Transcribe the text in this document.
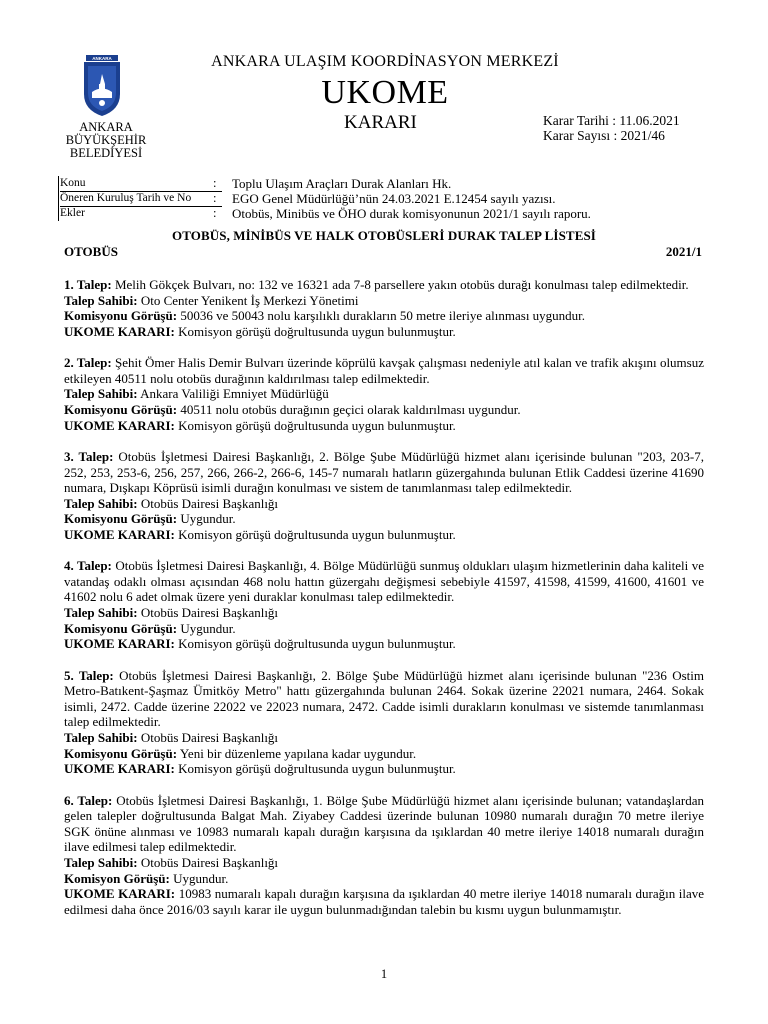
ANKARA
ANKARA
BÜYÜKŞEHİR
BELEDİYESİ
ANKARA ULAŞIM KOORDİNASYON MERKEZİ
UKOME
KARARI	Karar Tarihi : 11.06.2021
Karar Sayısı : 2021/46
Konu	: Toplu Ulaşım Araçları Durak Alanları Hk.
Öneren Kuruluş Tarih ve No : EGO Genel Müdürlüğü’nün 24.03.2021 E.12454 sayılı yazısı.
Ekler	: Otobüs, Minibüs ve ÖHO durak komisyonunun 2021/1 sayılı raporu.
OTOBÜS, MİNİBÜS VE HALK OTOBÜSLERİ DURAK TALEP LİSTESİ
OTOBÜS	2021/1

1. Talep: Melih Gökçek Bulvarı, no: 132 ve 16321 ada 7-8 parsellere yakın otobüs durağı konulması talep edilmektedir.

Talep Sahibi: Oto Center Yenikent İş Merkezi Yönetimi

Komisyonu Görüşü: 50036 ve 50043 nolu karşılıklı durakların 50 metre ileriye alınması uygundur.

UKOME KARARI: Komisyon görüşü doğrultusunda uygun bulunmuştur.

2. Talep: Şehit Ömer Halis Demir Bulvarı üzerinde köprülü kavşak çalışması nedeniyle atıl kalan ve trafik akışını olumsuz etkileyen 40511 nolu otobüs durağının kaldırılması talep edilmektedir.

Talep Sahibi: Ankara Valiliği Emniyet Müdürlüğü

Komisyonu Görüşü: 40511 nolu otobüs durağının geçici olarak kaldırılması uygundur.

UKOME KARARI: Komisyon görüşü doğrultusunda uygun bulunmuştur.

3. Talep: Otobüs İşletmesi Dairesi Başkanlığı, 2. Bölge Şube Müdürlüğü hizmet alanı içerisinde bulunan "203, 203-7, 252, 253, 253-6, 256, 257, 266, 266-2, 266-6, 145-7 numaralı hatların güzergahında bulunan Etlik Caddesi üzerine 41690 numara, Dışkapı Köprüsü isimli durağın konulması ve sistem de tanımlanması talep edilmektedir.

Talep Sahibi: Otobüs Dairesi Başkanlığı

Komisyonu Görüşü: Uygundur.

UKOME KARARI: Komisyon görüşü doğrultusunda uygun bulunmuştur.

4. Talep: Otobüs İşletmesi Dairesi Başkanlığı, 4. Bölge Müdürlüğü sunmuş oldukları ulaşım hizmetlerinin daha kaliteli ve vatandaş odaklı olması açısından 468 nolu hattın güzergahı değişmesi sebebiyle 41597, 41598, 41599, 41600, 41601 ve 41602 nolu 6 adet olmak üzere yeni duraklar konulması talep edilmektedir.

Talep Sahibi: Otobüs Dairesi Başkanlığı

Komisyonu Görüşü: Uygundur.

UKOME KARARI: Komisyon görüşü doğrultusunda uygun bulunmuştur.

5. Talep: Otobüs İşletmesi Dairesi Başkanlığı, 2. Bölge Şube Müdürlüğü hizmet alanı içerisinde bulunan "236 Ostim Metro-Batıkent-Şaşmaz Ümitköy Metro" hattı güzergahında bulunan 2464. Sokak üzerine 22021 numara, 2464. Sokak isimli, 2472. Cadde üzerine 22022 ve 22023 numara, 2472. Cadde isimli durakların konulması ve sistemde tanımlanması talep edilmektedir.

Talep Sahibi: Otobüs Dairesi Başkanlığı

Komisyonu Görüşü: Yeni bir düzenleme yapılana kadar uygundur.

UKOME KARARI: Komisyon görüşü doğrultusunda uygun bulunmuştur.

6. Talep: Otobüs İşletmesi Dairesi Başkanlığı, 1. Bölge Şube Müdürlüğü hizmet alanı içerisinde bulunan; vatandaşlardan gelen talepler doğrultusunda Balgat Mah. Ziyabey Caddesi üzerinde bulunan 10980 numaralı durağın 70 metre ileriye SGK önüne alınması ve 10983 numaralı kapalı durağın karşısına da ışıklardan 40 metre ileriye 14018 numaralı durağın ilave edilmesi talep edilmektedir.

Talep Sahibi: Otobüs Dairesi Başkanlığı

Komisyon Görüşü: Uygundur.

UKOME KARARI: 10983 numaralı kapalı durağın karşısına da ışıklardan 40 metre ileriye 14018 numaralı durağın ilave edilmesi daha önce 2016/03 sayılı karar ile uygun bulunmadığından talebin bu kısmı uygun bulunmamıştır.

1
